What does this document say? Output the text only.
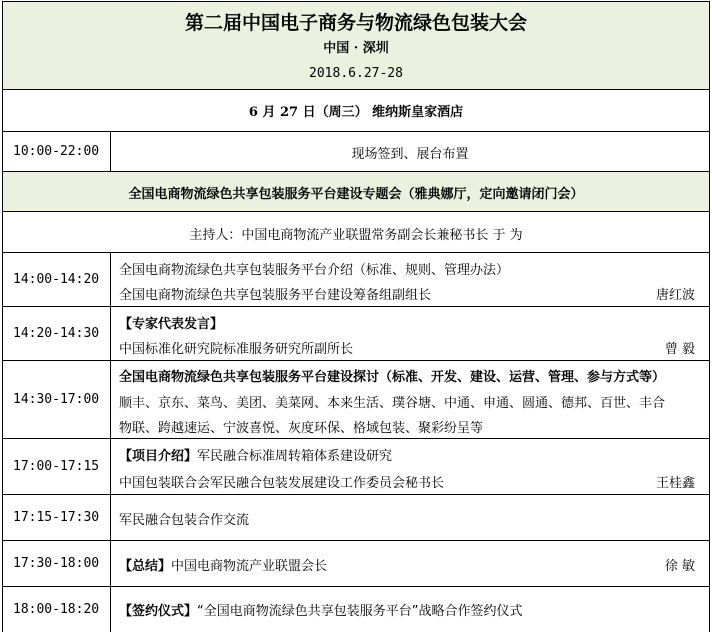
第二届中国电子商务与物流绿色包装大会
中国 · 深圳
2018.6.27-28
6 月 27 日（周三） 维纳斯皇家酒店
10:00-22:00	现场签到、展台布置
全国电商物流绿色共享包装服务平台建设专题会（雅典娜厅，定向邀请闭门会）
主持人：中国电商物流产业联盟常务副会长兼秘书长 于 为
14:00-14:20
全国电商物流绿色共享包装服务平台介绍（标准、规则、管理办法）
全国电商物流绿色共享包装服务平台建设筹备组副组长	唐红波
14:20-14:30
【专家代表发言】
中国标准化研究院标准服务研究所副所长	曾 毅
14:30-17:00
全国电商物流绿色共享包装服务平台建设探讨（标准、开发、建设、运营、管理、参与方式等）
顺丰、京东、菜鸟、美团、美菜网、本来生活、璞谷塘、中通、申通、圆通、德邦、百世、丰合
物联、跨越速运、宁波喜悦、灰度环保、格域包装、聚彩纷呈等
17:00-17:15
【项目介绍】军民融合标准周转箱体系建设研究
中国包装联合会军民融合包装发展建设工作委员会秘书长	王桂鑫
17:15-17:30	军民融合包装合作交流
17:30-18:00	【总结】中国电商物流产业联盟会长	徐 敏
18:00-18:20	【签约仪式】“全国电商物流绿色共享包装服务平台”战略合作签约仪式
